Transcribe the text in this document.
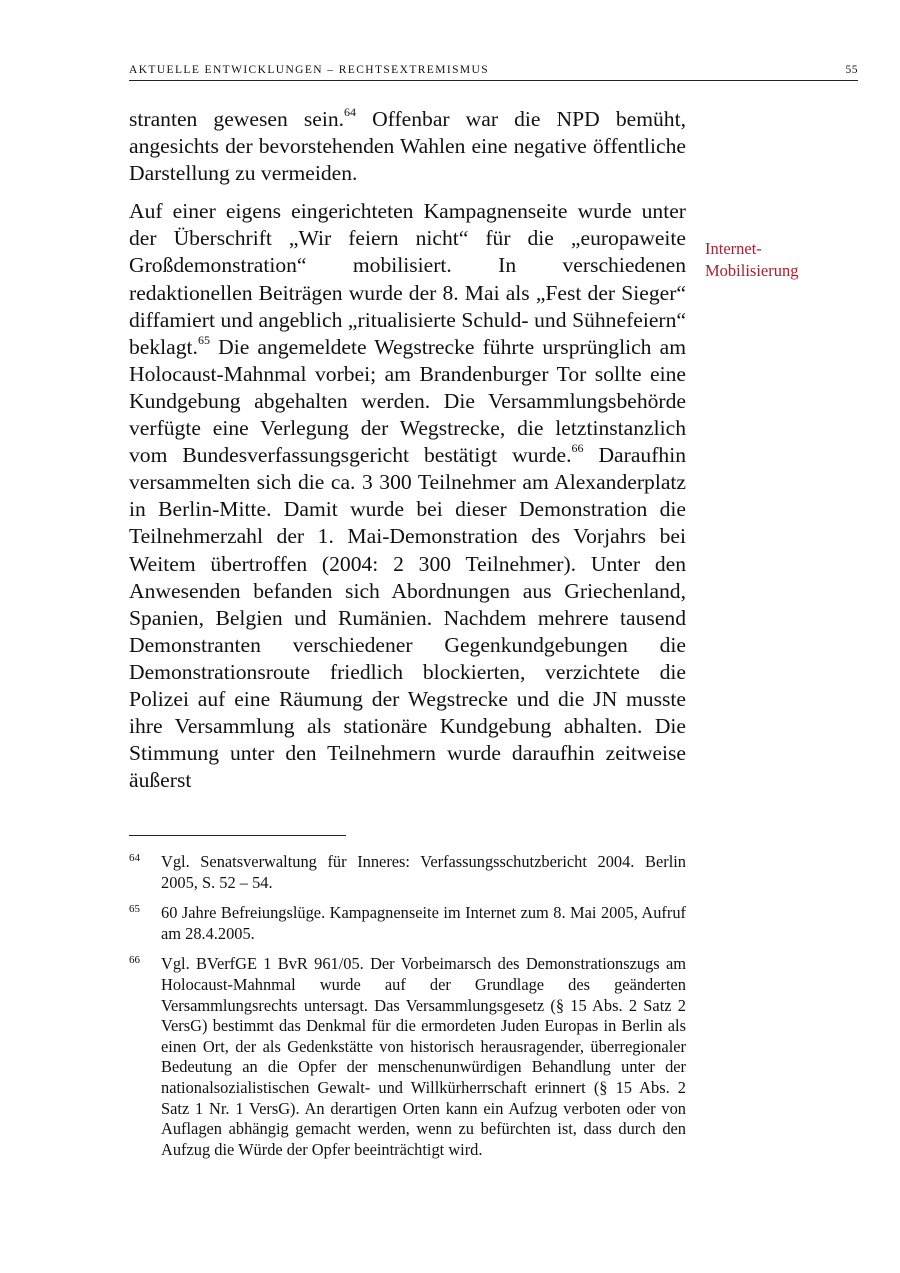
AKTUELLE ENTWICKLUNGEN – RECHTSEXTREMISMUS	55

stranten gewesen sein.$^{64}$ Offenbar war die NPD bemüht, angesichts der bevorstehenden Wahlen eine negative öffentliche Darstellung zu vermeiden.

Auf einer eigens eingerichteten Kampagnenseite wurde unter der Überschrift „Wir feiern nicht“ für die „europaweite Großdemonstration“ mobilisiert. In verschiedenen redaktionellen Beiträgen wurde der 8. Mai als „Fest der Sieger“ diffamiert und angeblich „ritualisierte Schuld- und Sühnefeiern“ beklagt.$^{65}$ Die angemeldete Wegstrecke führte ursprünglich am Holocaust-Mahnmal vorbei; am Brandenburger Tor sollte eine Kundgebung abgehalten werden. Die Versammlungsbehörde verfügte eine Verlegung der Wegstrecke, die letztinstanzlich vom Bundesverfassungsgericht bestätigt wurde.$^{66}$ Daraufhin versammelten sich die ca. 3 300 Teilnehmer am Alexanderplatz in Berlin-Mitte. Damit wurde bei dieser Demonstration die Teilnehmerzahl der 1. Mai-Demonstration des Vorjahrs bei Weitem übertroffen (2004: 2 300 Teilnehmer). Unter den Anwesenden befanden sich Abordnungen aus Griechenland, Spanien, Belgien und Rumänien. Nachdem mehrere tausend Demonstranten verschiedener Gegenkundgebungen die Demonstrationsroute friedlich blockierten, verzichtete die Polizei auf eine Räumung der Wegstrecke und die JN musste ihre Versammlung als stationäre Kundgebung abhalten. Die Stimmung unter den Teilnehmern wurde daraufhin zeitweise äußerst

Internet-
Mobilisierung
64 Vgl. Senatsverwaltung für Inneres: Verfassungsschutzbericht 2004. Berlin 2005, S. 52 – 54.
65 60 Jahre Befreiungslüge. Kampagnenseite im Internet zum 8. Mai 2005, Aufruf am 28.4.2005.
66 Vgl. BVerfGE 1 BvR 961/05. Der Vorbeimarsch des Demonstrationszugs am Holocaust-Mahnmal wurde auf der Grundlage des geänderten Versammlungsrechts untersagt. Das Versammlungsgesetz (§ 15 Abs. 2 Satz 2 VersG) bestimmt das Denkmal für die ermordeten Juden Europas in Berlin als einen Ort, der als Gedenkstätte von historisch herausragender, überregionaler Bedeutung an die Opfer der menschenunwürdigen Behandlung unter der nationalsozialistischen Gewalt- und Willkürherrschaft erinnert (§ 15 Abs. 2 Satz 1 Nr. 1 VersG). An derartigen Orten kann ein Aufzug verboten oder von Auflagen abhängig gemacht werden, wenn zu befürchten ist, dass durch den Aufzug die Würde der Opfer beeinträchtigt wird.
